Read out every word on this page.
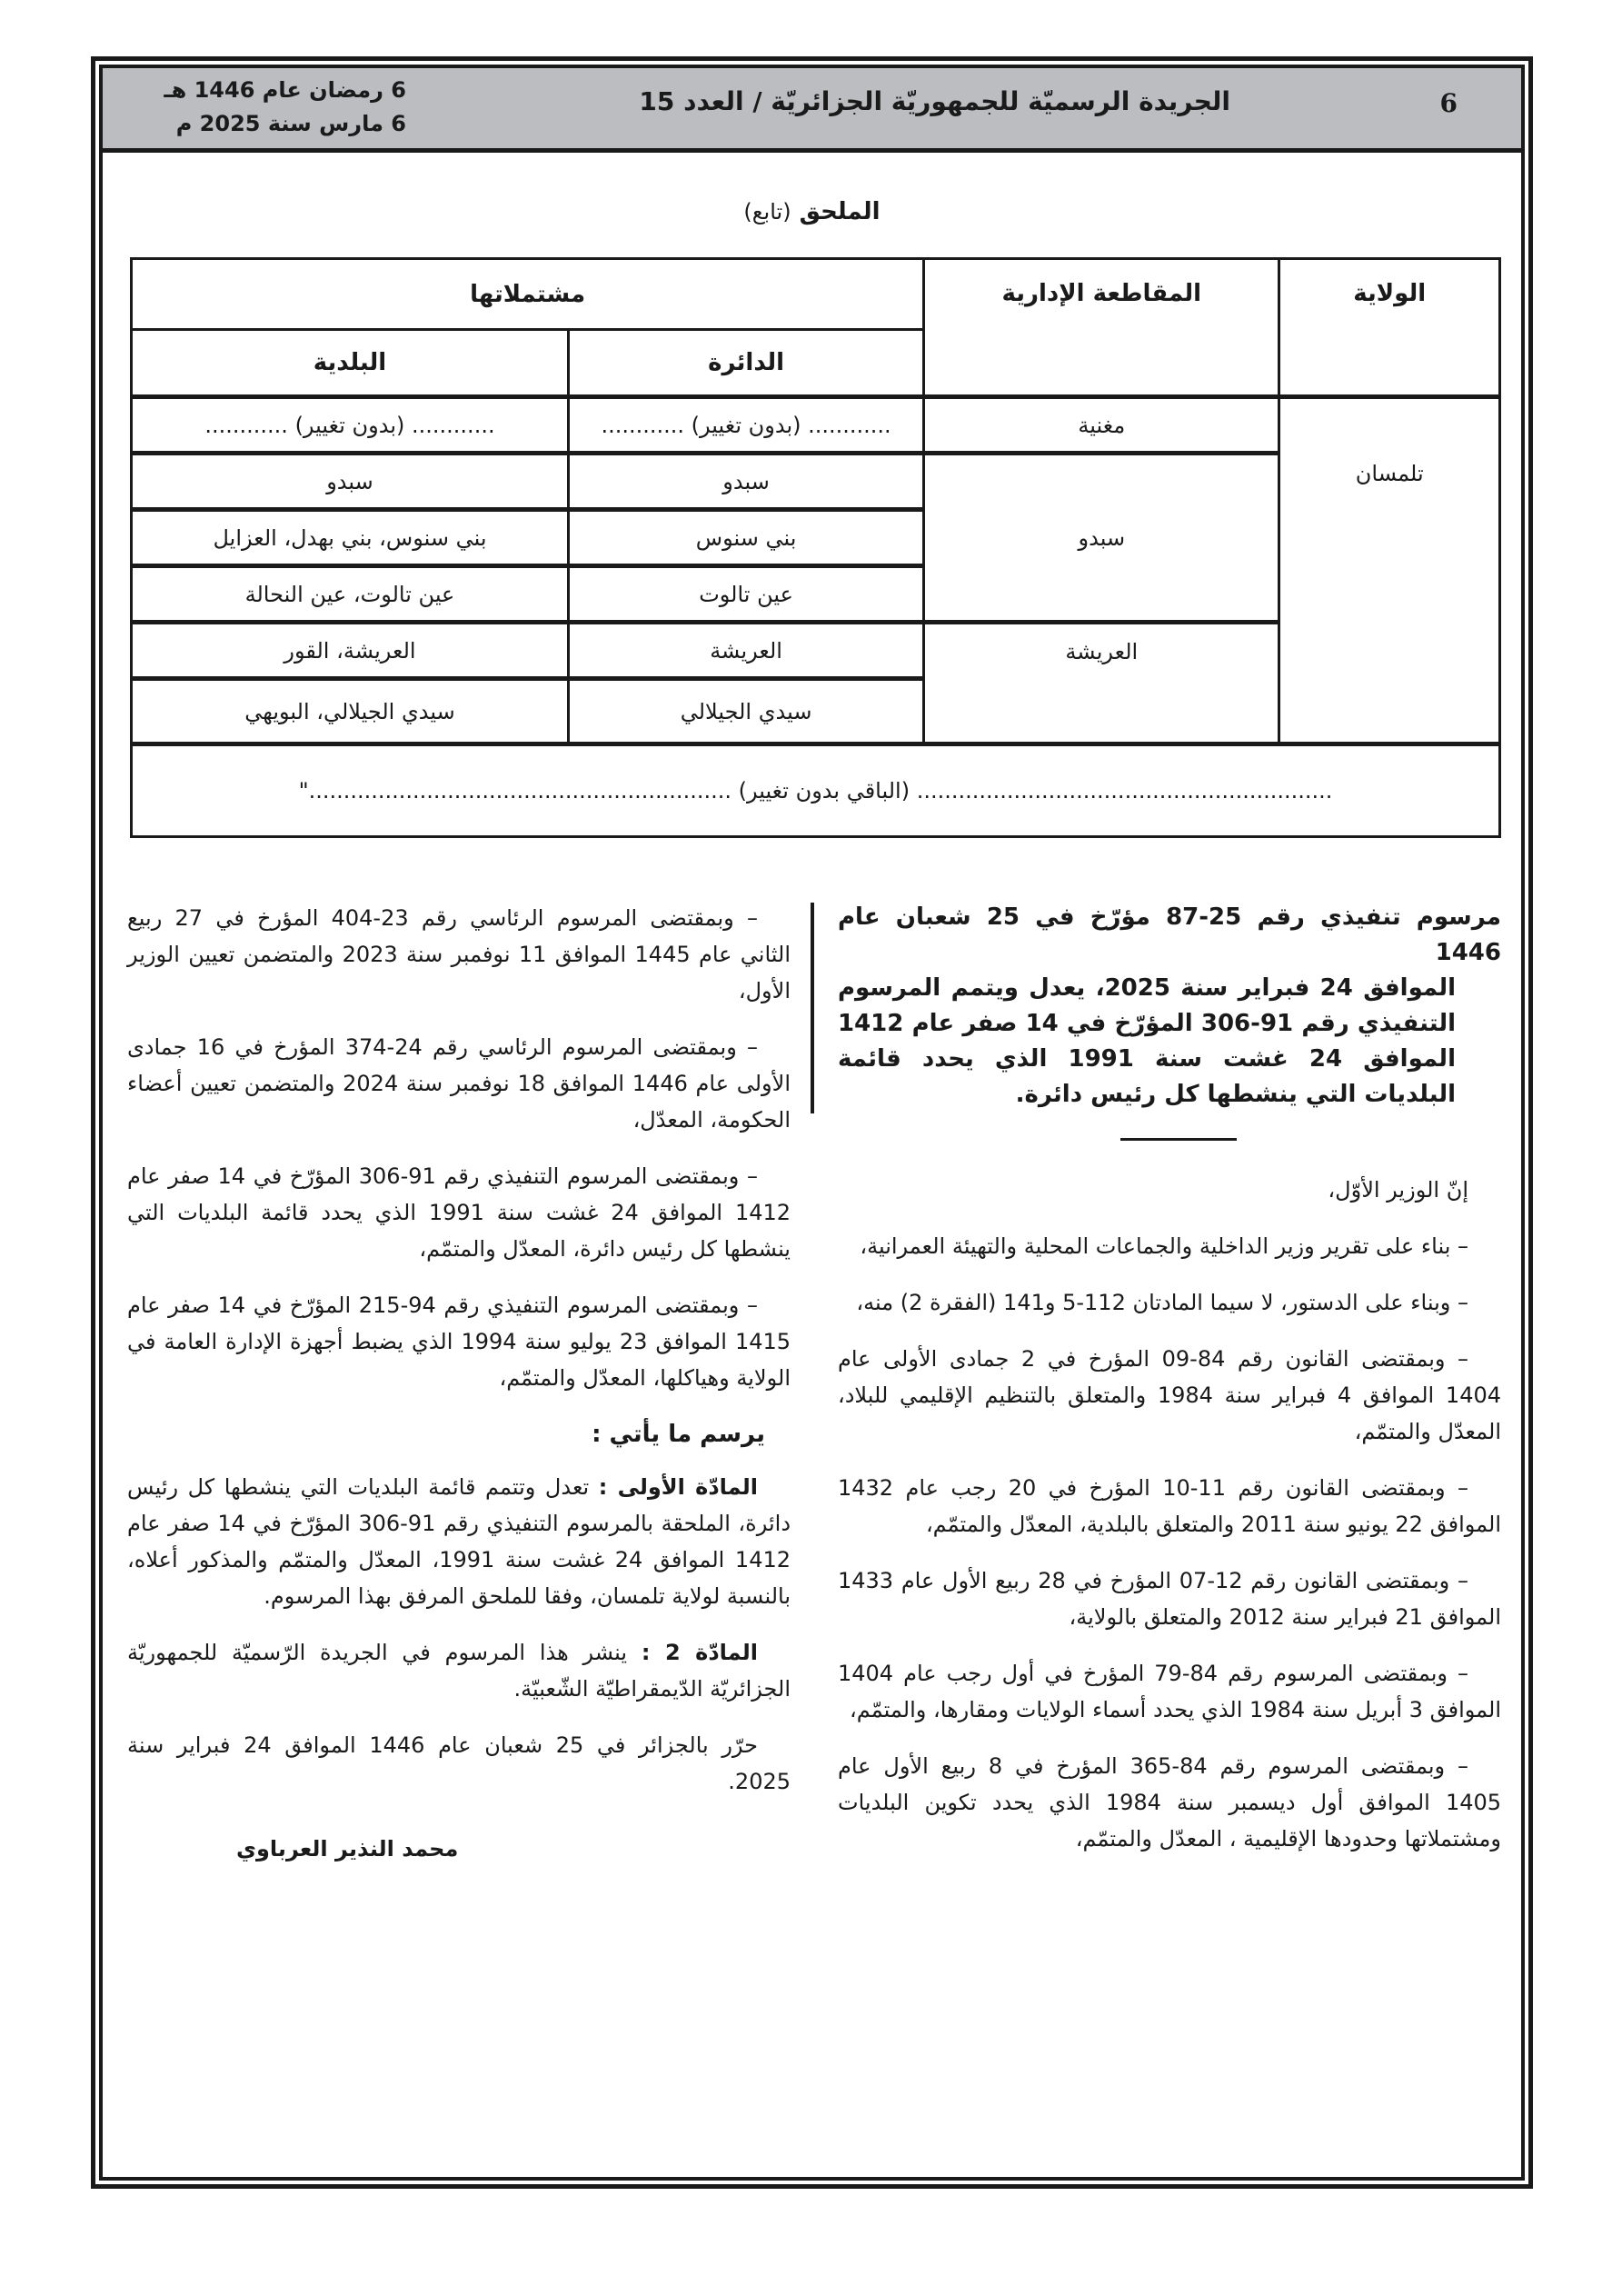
6
الجريدة الرسميّة للجمهوريّة الجزائريّة / العدد 15
6 رمضان عام 1446 هـ
6 مارس سنة 2025 م
الملحق (تابع)
الولاية	المقاطعة الإدارية	مشتملاتها	
		الدائرة	البلدية
تلمسان	مغنية	............ (بدون تغيير) ............	............ (بدون تغيير) ............
	سبدو	سبدو	سبدو
		بني سنوس	بني سنوس، بني بهدل، العزايل
		عين تالوت	عين تالوت، عين النحالة
	العريشة	العريشة	العريشة، القور
		سيدي الجيلالي	سيدي الجيلالي، البويهي
............................................................ (الباقي بدون تغيير) ............................................................."			
مرسوم تنفيذي رقم 25-87 مؤرّخ في 25 شعبان عام 1446
الموافق 24 فبراير سنة 2025، يعدل ويتمم المرسوم التنفيذي رقم 91-306 المؤرّخ في 14 صفر عام 1412 الموافق 24 غشت سنة 1991 الذي يحدد قائمة البلديات التي ينشطها كل رئيس دائرة.

إنّ الوزير الأوّل،

– بناء على تقرير وزير الداخلية والجماعات المحلية والتهيئة العمرانية،

– وبناء على الدستور، لا سيما المادتان 112-5 و141 (الفقرة 2) منه،

– وبمقتضى القانون رقم 84-09 المؤرخ في 2 جمادى الأولى عام 1404 الموافق 4 فبراير سنة 1984 والمتعلق بالتنظيم الإقليمي للبلاد، المعدّل والمتمّم،

– وبمقتضى القانون رقم 11-10 المؤرخ في 20 رجب عام 1432 الموافق 22 يونيو سنة 2011 والمتعلق بالبلدية، المعدّل والمتمّم،

– وبمقتضى القانون رقم 12-07 المؤرخ في 28 ربيع الأول عام 1433 الموافق 21 فبراير سنة 2012 والمتعلق بالولاية،

– وبمقتضى المرسوم رقم 84-79 المؤرخ في أول رجب عام 1404 الموافق 3 أبريل سنة 1984 الذي يحدد أسماء الولايات ومقارها، والمتمّم،

– وبمقتضى المرسوم رقم 84-365 المؤرخ في 8 ربيع الأول عام 1405 الموافق أول ديسمبر سنة 1984 الذي يحدد تكوين البلديات ومشتملاتها وحدودها الإقليمية ، المعدّل والمتمّم،

– وبمقتضى المرسوم الرئاسي رقم 23-404 المؤرخ في 27 ربيع الثاني عام 1445 الموافق 11 نوفمبر سنة 2023 والمتضمن تعيين الوزير الأول،

– وبمقتضى المرسوم الرئاسي رقم 24-374 المؤرخ في 16 جمادى الأولى عام 1446 الموافق 18 نوفمبر سنة 2024 والمتضمن تعيين أعضاء الحكومة، المعدّل،

– وبمقتضى المرسوم التنفيذي رقم 91-306 المؤرّخ في 14 صفر عام 1412 الموافق 24 غشت سنة 1991 الذي يحدد قائمة البلديات التي ينشطها كل رئيس دائرة، المعدّل والمتمّم،

– وبمقتضى المرسوم التنفيذي رقم 94-215 المؤرّخ في 14 صفر عام 1415 الموافق 23 يوليو سنة 1994 الذي يضبط أجهزة الإدارة العامة في الولاية وهياكلها، المعدّل والمتمّم،

يرسم ما يأتي :

المادّة الأولى : تعدل وتتمم قائمة البلديات التي ينشطها كل رئيس دائرة، الملحقة بالمرسوم التنفيذي رقم 91-306 المؤرّخ في 14 صفر عام 1412 الموافق 24 غشت سنة 1991، المعدّل والمتمّم والمذكور أعلاه، بالنسبة لولاية تلمسان، وفقا للملحق المرفق بهذا المرسوم.

المادّة 2 : ينشر هذا المرسوم في الجريدة الرّسميّة للجمهوريّة الجزائريّة الدّيمقراطيّة الشّعبيّة.

حرّر بالجزائر في 25 شعبان عام 1446 الموافق 24 فبراير سنة 2025.

محمد النذير العرباوي
